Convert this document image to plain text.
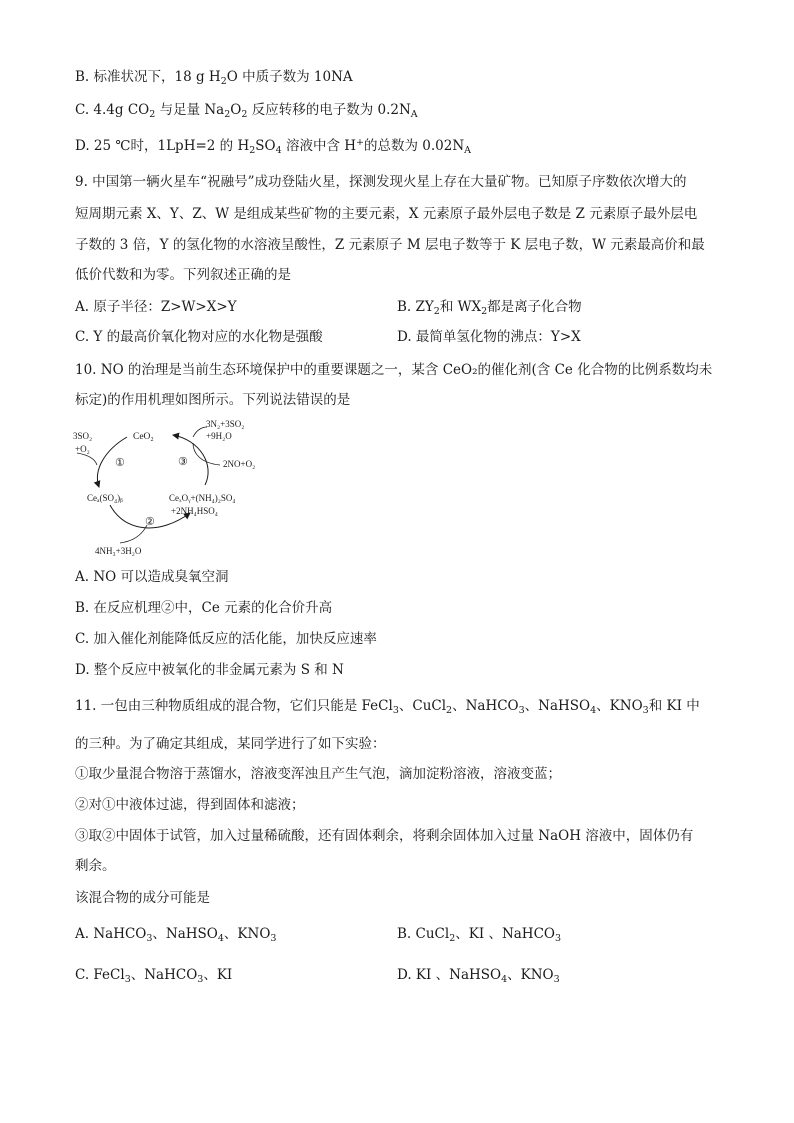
B. 标准状况下，18 g $H_2O$ 中质子数为 10NA
C. 4.4g $CO_2$ 与足量 $Na_2O_2$ 反应转移的电子数为 $0.2N_A$
D. 25 ℃时，1LpH=2 的 $H_2SO_4$ 溶液中含 H+的总数为 $0.02N_A$
9. 中国第一辆火星车“祝融号”成功登陆火星，探测发现火星上存在大量矿物。已知原子序数依次增大的
短周期元素 X、Y、Z、W 是组成某些矿物的主要元素，X 元素原子最外层电子数是 Z 元素原子最外层电
子数的 3 倍，Y 的氢化物的水溶液呈酸性，Z 元素原子 M 层电子数等于 K 层电子数，W 元素最高价和最
低价代数和为零。下列叙述正确的是
A. 原子半径：Z>W>X>Y	B. $ZY_2$和 $WX_2$都是离子化合物
C. Y 的最高价氧化物对应的水化物是强酸	D. 最简单氢化物的沸点：Y>X
10. NO 的治理是当前生态环境保护中的重要课题之一，某含 CeO₂的催化剂(含 Ce 化合物的比例系数均未
标定)的作用机理如图所示。下列说法错误的是
CeO₂
3SO₂
+O₂
①
3N₂+3SO₂
+9H₂O
③	2NO+O₂
Ceₐ(SO₄)ᵦ	CeₓOᵧ+(NH₄)₂SO₄
+2NH₄HSO₄
②
4NH₃+3H₂O
A. NO 可以造成臭氧空洞
B. 在反应机理②中，Ce 元素的化合价升高
C. 加入催化剂能降低反应的活化能，加快反应速率
D. 整个反应中被氧化的非金属元素为 S 和 N
11. 一包由三种物质组成的混合物，它们只能是 FeCl$_3$、CuCl$_2$、NaHCO$_3$、NaHSO$_4$、$KNO_3$和 KI 中
的三种。为了确定其组成，某同学进行了如下实验：
①取少量混合物溶于蒸馏水，溶液变浑浊且产生气泡，滴加淀粉溶液，溶液变蓝；
②对①中液体过滤，得到固体和滤液；
③取②中固体于试管，加入过量稀硫酸，还有固体剩余，将剩余固体加入过量 NaOH 溶液中，固体仍有
剩余。
该混合物的成分可能是
A. NaHCO$_3$、NaHSO$_4$、$KNO_3$	B. CuCl$_2$、KI 、NaHCO$_3$
C. FeCl$_3$、NaHCO$_3$、KI	D. KI 、NaHSO$_4$、$KNO_3$
